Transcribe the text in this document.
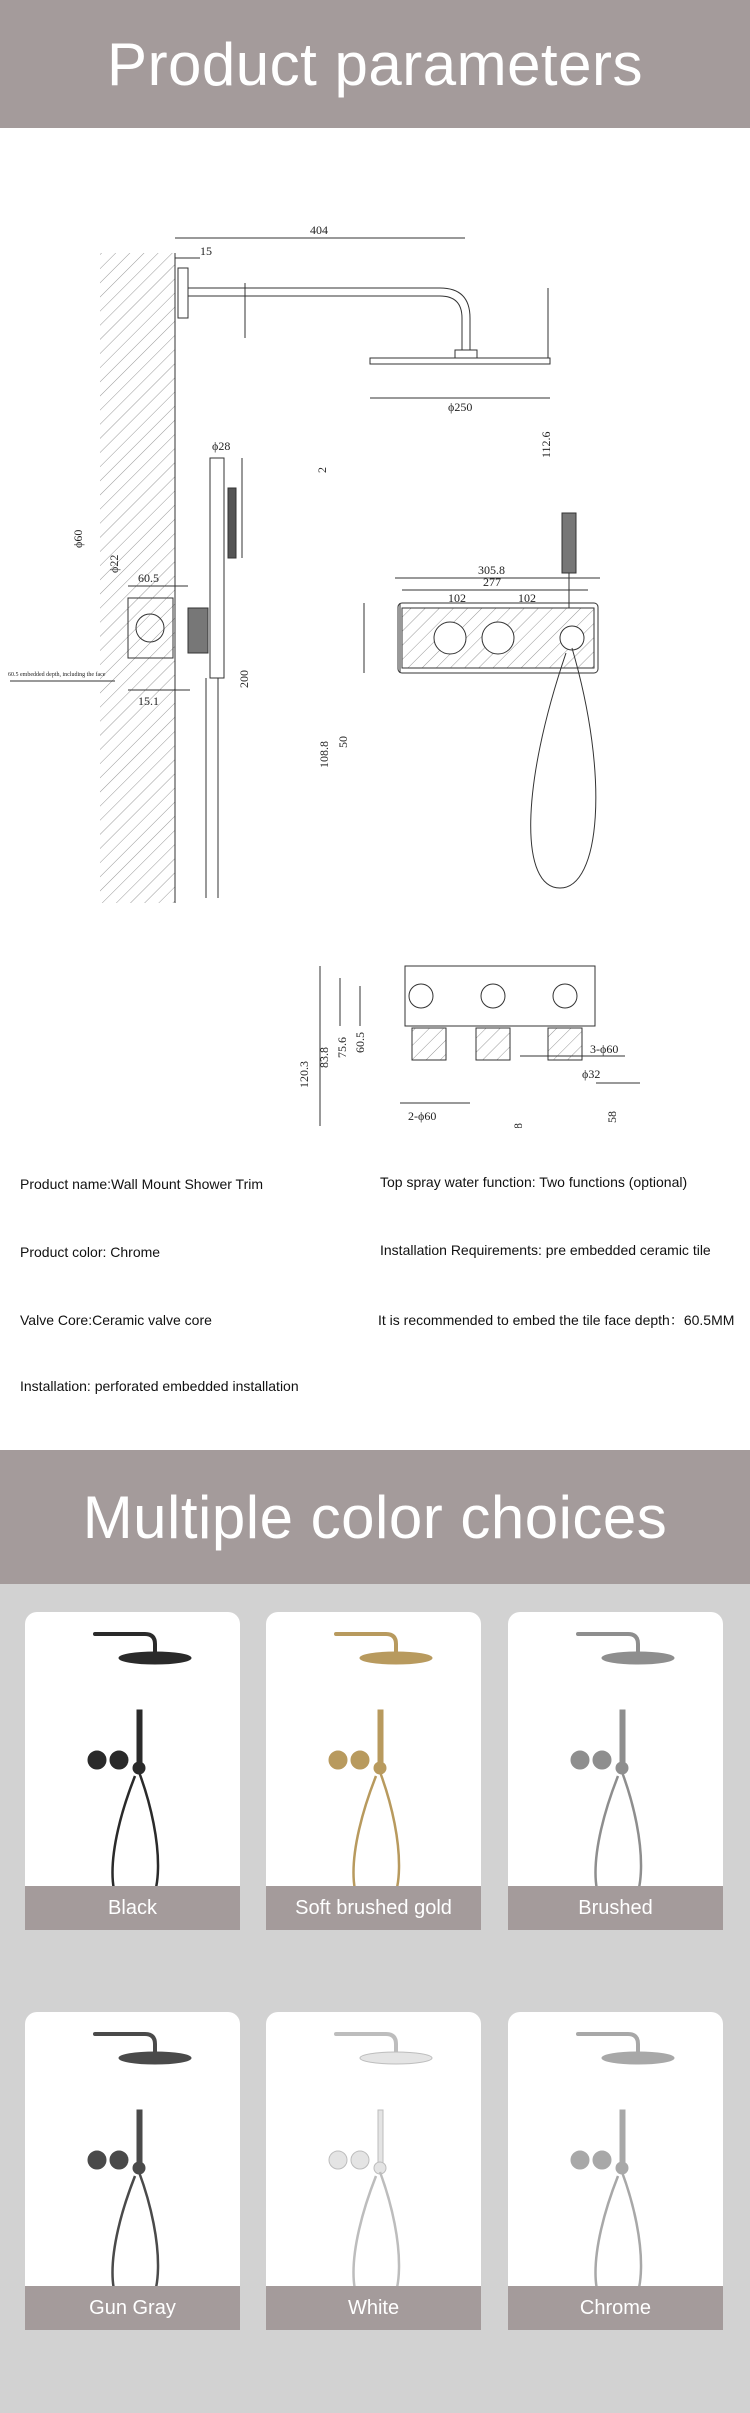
Product parameters
404
15
ϕ60
ϕ22
112.6
2
ϕ250
ϕ28
200
60.5
60.5 embedded depth, including the face
15.1
305.8
277
102	102
108.8 50
120.3
83.8 75.6 60.5	3-ϕ60
ϕ32
58
2-ϕ60
Product name:Wall Mount Shower Trim	Top spray water function: Two functions (optional)
Product color: Chrome	Installation Requirements: pre embedded ceramic tile
Valve Core:Ceramic valve core	It is recommended to embed the tile face depth：60.5MM
Installation: perforated embedded installation
Multiple color choices
Black	Soft brushed gold	Brushed
Gun Gray	White	Chrome
